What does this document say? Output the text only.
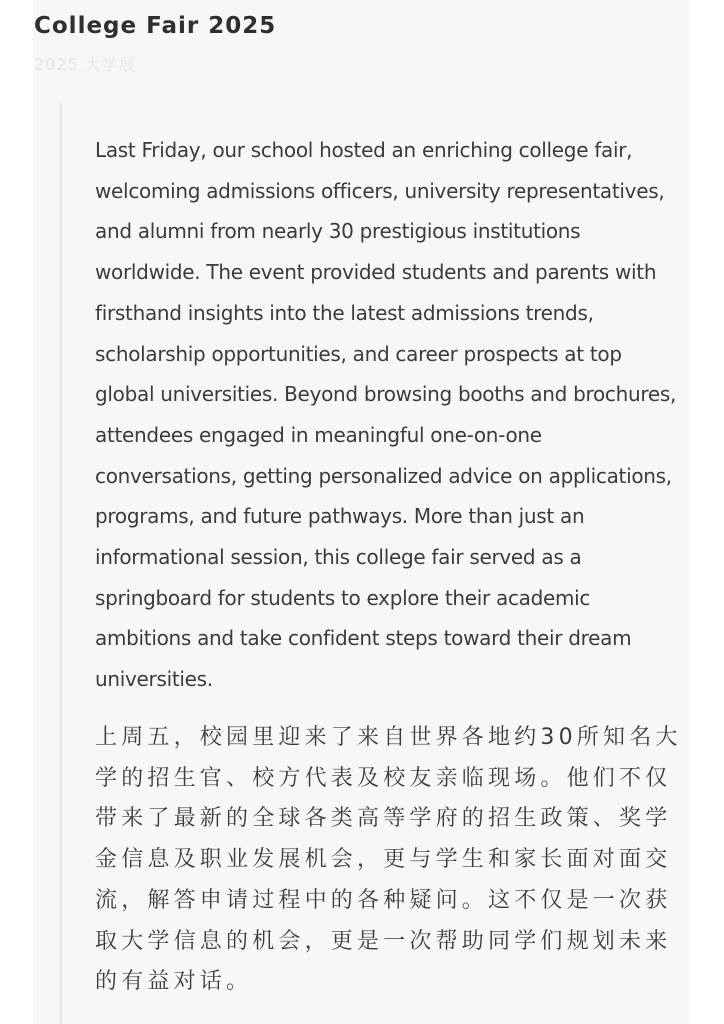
College Fair 2025
2025 大学展

Last Friday, our school hosted an enriching college fair, welcoming admissions officers, university representatives, and alumni from nearly 30 prestigious institutions worldwide. The event provided students and parents with firsthand insights into the latest admissions trends, scholarship opportunities, and career prospects at top global universities. Beyond browsing booths and brochures, attendees engaged in meaningful one-on-one conversations, getting personalized advice on applications, programs, and future pathways. More than just an informational session, this college fair served as a springboard for students to explore their academic ambitions and take confident steps toward their dream universities.

上周五，校园里迎来了来自世界各地约30所知名大学的招生官、校方代表及校友亲临现场。他们不仅带来了最新的全球各类高等学府的招生政策、奖学金信息及职业发展机会，更与学生和家长面对面交流，解答申请过程中的各种疑问。这不仅是一次获取大学信息的机会，更是一次帮助同学们规划未来的有益对话。
